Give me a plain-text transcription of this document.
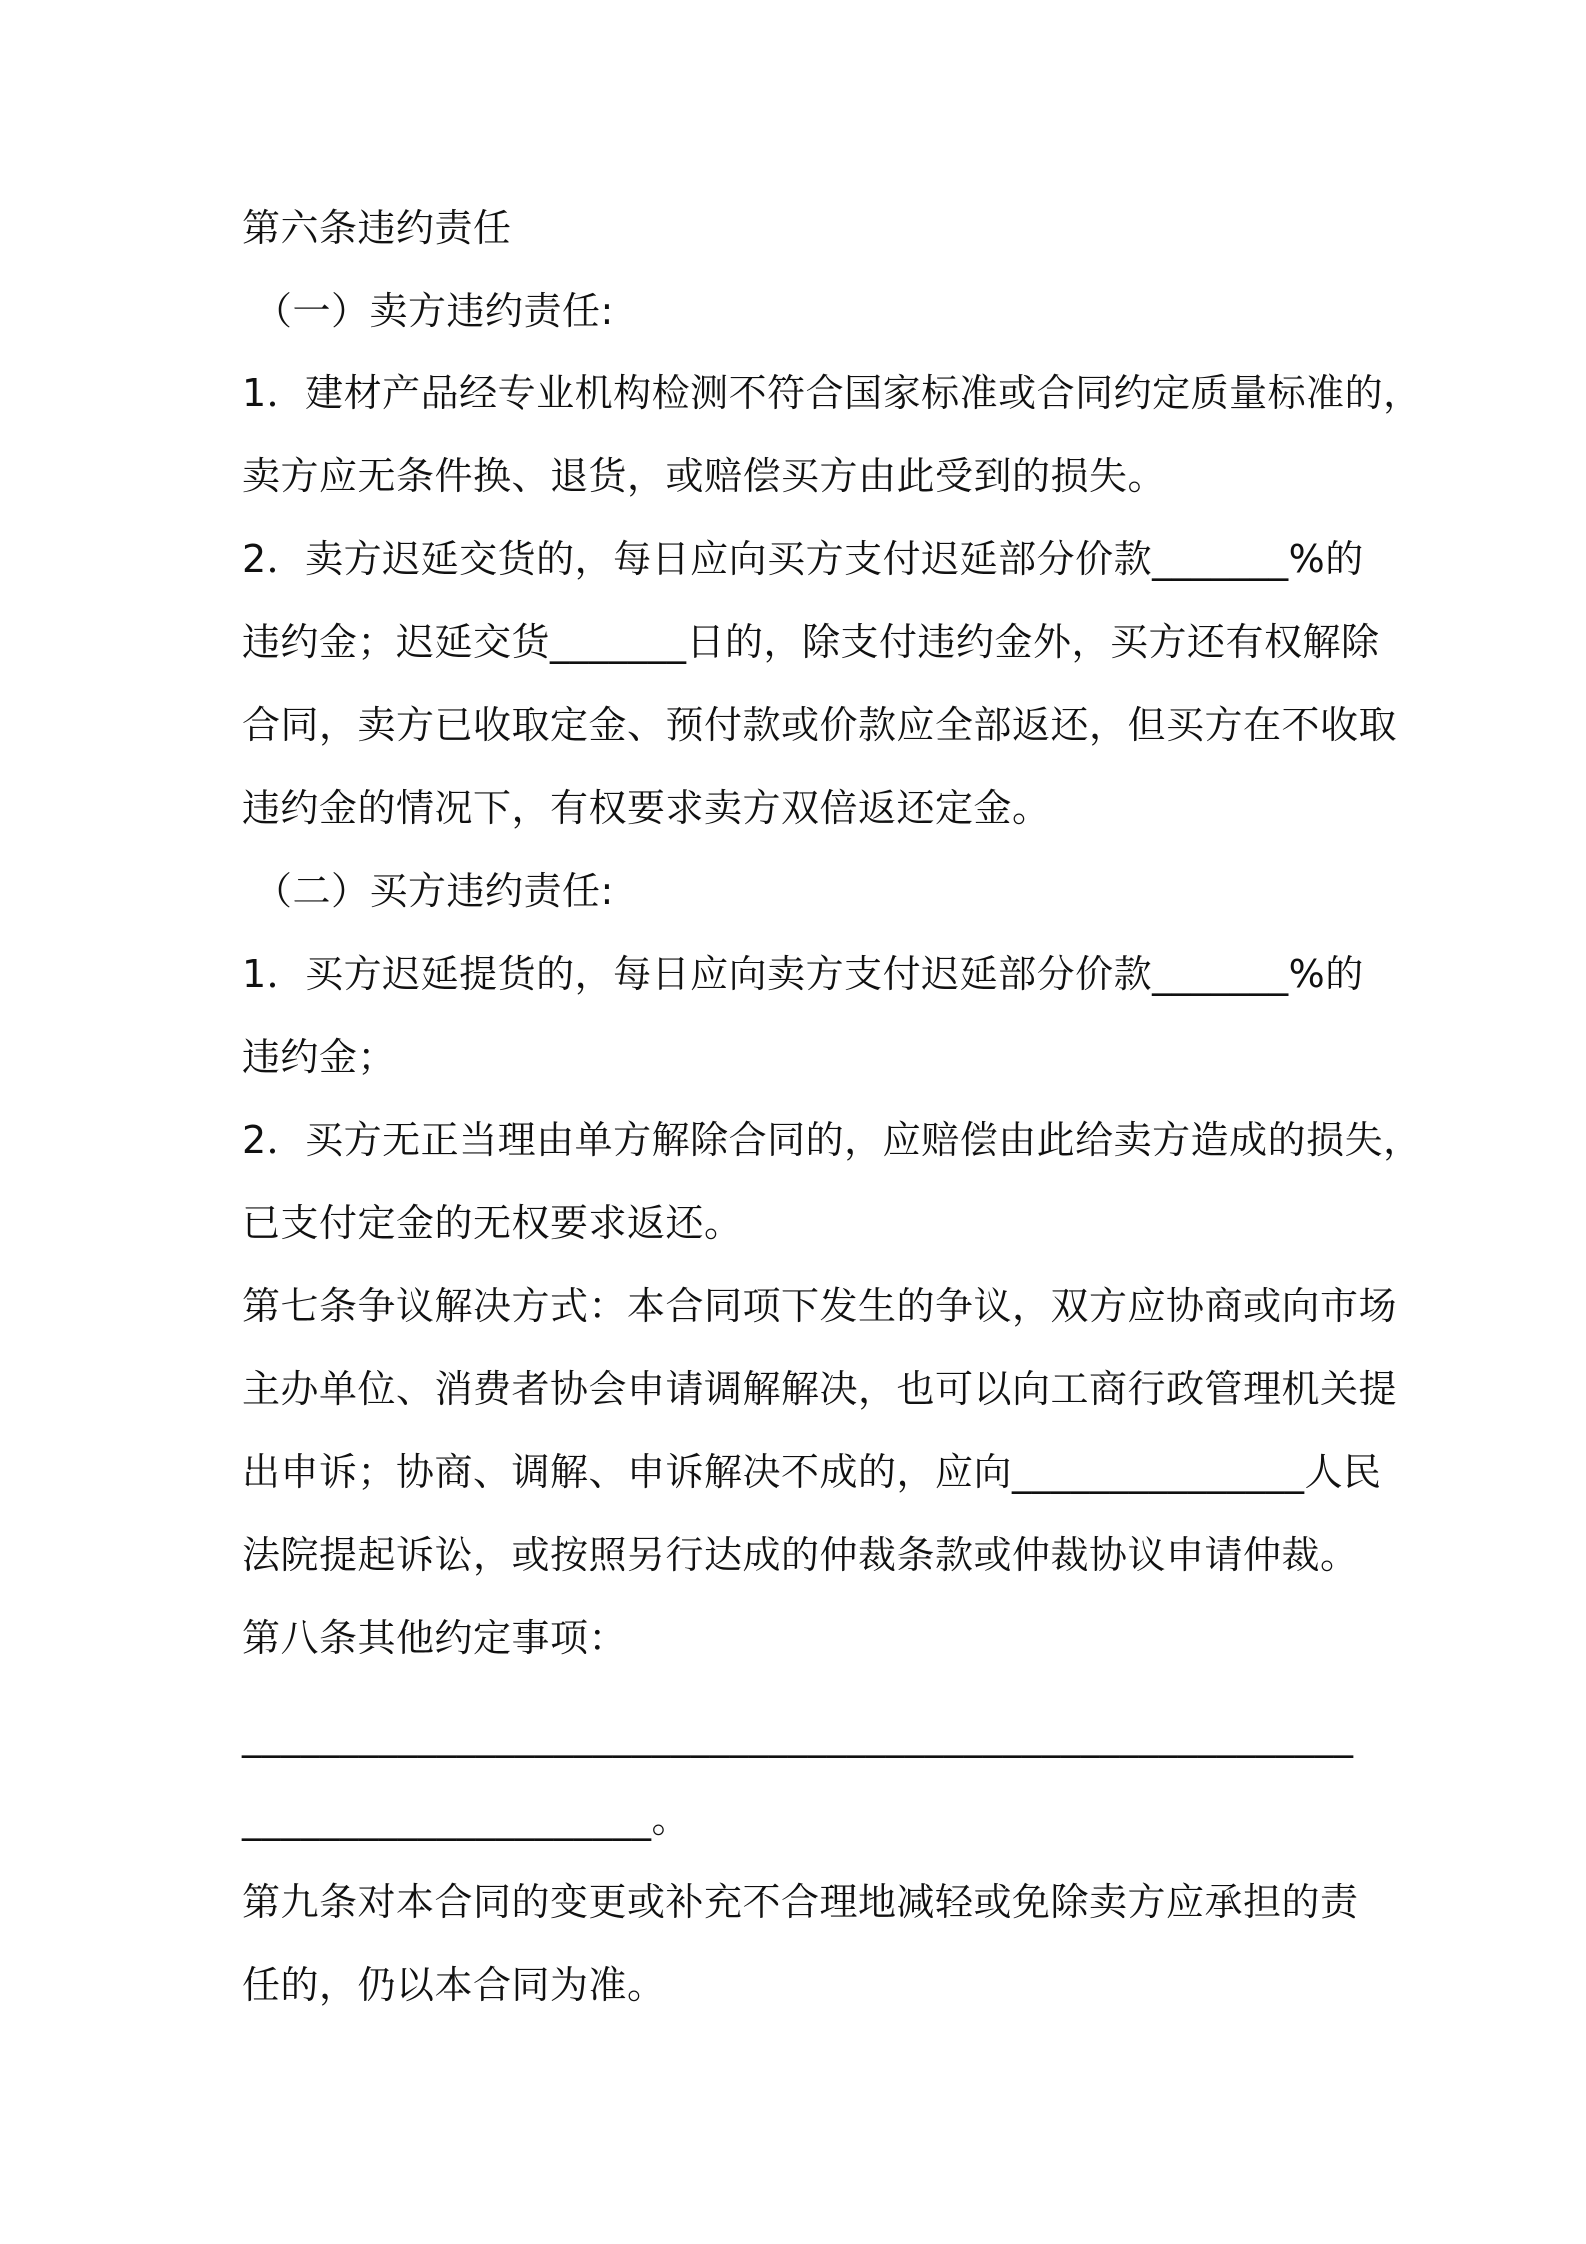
第六条违约责任
（一）卖方违约责任:
1．建材产品经专业机构检测不符合国家标准或合同约定质量标准的，
卖方应无条件换、退货，或赔偿买方由此受到的损失。
2．卖方迟延交货的，每日应向买方支付迟延部分价款_______%的
违约金；迟延交货_______日的，除支付违约金外，买方还有权解除
合同，卖方已收取定金、预付款或价款应全部返还，但买方在不收取
违约金的情况下，有权要求卖方双倍返还定金。
（二）买方违约责任:
1．买方迟延提货的，每日应向卖方支付迟延部分价款_______%的
违约金；
2．买方无正当理由单方解除合同的，应赔偿由此给卖方造成的损失，
已支付定金的无权要求返还。
第七条争议解决方式：本合同项下发生的争议，双方应协商或向市场
主办单位、消费者协会申请调解解决，也可以向工商行政管理机关提
出申诉；协商、调解、申诉解决不成的，应向_______________人民
法院提起诉讼，或按照另行达成的仲裁条款或仲裁协议申请仲裁。
第八条其他约定事项：
_________________________________________________________
_____________________。
第九条对本合同的变更或补充不合理地减轻或免除卖方应承担的责
任的，仍以本合同为准。
